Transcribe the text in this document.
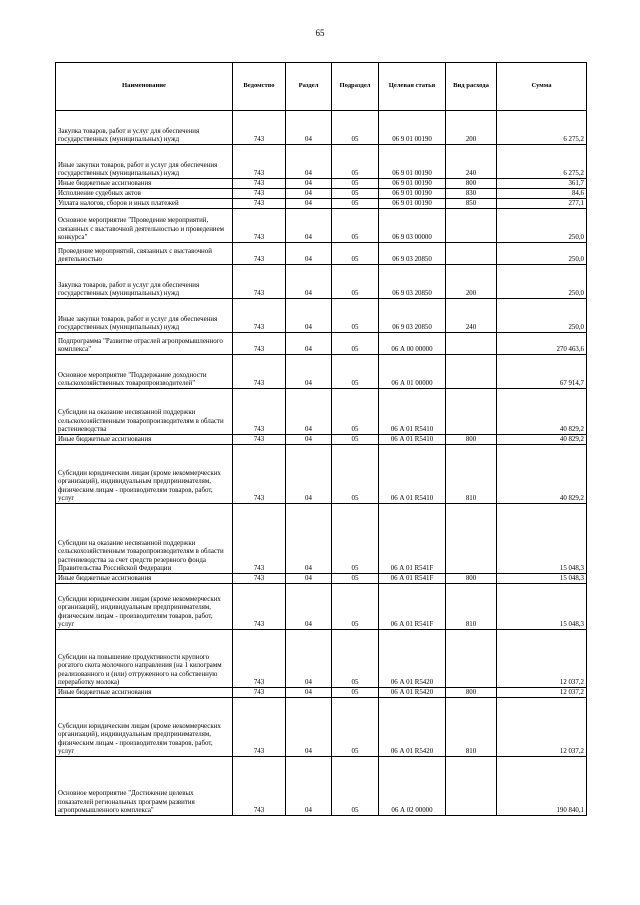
65
Наименование	Ведомство	Раздел	Подраздел	Целевая статья	Вид расхода	Сумма
Закупка товаров, работ и услуг для обеспечения государственных (муниципальных) нужд	743	04	05	06 9 01 00190	200	6 275,2
Иные закупки товаров, работ и услуг для обеспечения государственных (муниципальных) нужд	743	04	05	06 9 01 00190	240	6 275,2
Иные бюджетные ассигнования	743	04	05	06 9 01 00190	800	361,7
Исполнение судебных актов	743	04	05	06 9 01 00190	830	84,6
Уплата налогов, сборов и иных платежей	743	04	05	06 9 01 00190	850	277,1
Основное мероприятие "Проведение мероприятий, связанных с выставочной деятельностью и проведением конкурса"	743	04	05	06 9 03 00000		250,0
Проведение мероприятий, связанных с выставочной деятельностью	743	04	05	06 9 03 20850		250,0
Закупка товаров, работ и услуг для обеспечения государственных (муниципальных) нужд	743	04	05	06 9 03 20850	200	250,0
Иные закупки товаров, работ и услуг для обеспечения государственных (муниципальных) нужд	743	04	05	06 9 03 20850	240	250,0
Подпрограмма "Развитие отраслей агропромышленного комплекса"	743	04	05	06 А 00 00000		270 463,6
Основное мероприятие "Поддержание доходности сельскохозяйственных товаропроизводителей"	743	04	05	06 А 01 00000		67 914,7
Субсидии на оказание несвязанной поддержки сельскохозяйственным товаропроизводителям в области растениеводства	743	04	05	06 А 01 R5410		40 829,2
Иные бюджетные ассигнования	743	04	05	06 А 01 R5410	800	40 829,2
Субсидии юридическим лицам (кроме некоммерческих организаций), индивидуальным предпринимателям, физическим лицам - производителям товаров, работ, услуг	743	04	05	06 А 01 R5410	810	40 829,2
Субсидии на оказание несвязанной поддержки сельскохозяйственным товаропроизводителям в области растениеводства за счет средств резервного фонда Правительства Российской Федерации	743	04	05	06 А 01 R541F		15 048,3
Иные бюджетные ассигнования	743	04	05	06 А 01 R541F	800	15 048,3
Субсидии юридическим лицам (кроме некоммерческих организаций), индивидуальным предпринимателям, физическим лицам - производителям товаров, работ, услуг	743	04	05	06 А 01 R541F	810	15 048,3
Субсидии на повышение продуктивности крупного рогатого скота молочного направления (на 1 килограмм реализованного и (или) отгруженного на собственную переработку молока)	743	04	05	06 А 01 R5420		12 037,2
Иные бюджетные ассигнования	743	04	05	06 А 01 R5420	800	12 037,2
Субсидии юридическим лицам (кроме некоммерческих организаций), индивидуальным предпринимателям, физическим лицам - производителям товаров, работ, услуг	743	04	05	06 А 01 R5420	810	12 037,2
Основное мероприятие "Достижение целевых показателей региональных программ развития агропромышленного комплекса"	743	04	05	06 А 02 00000		190 840,1
